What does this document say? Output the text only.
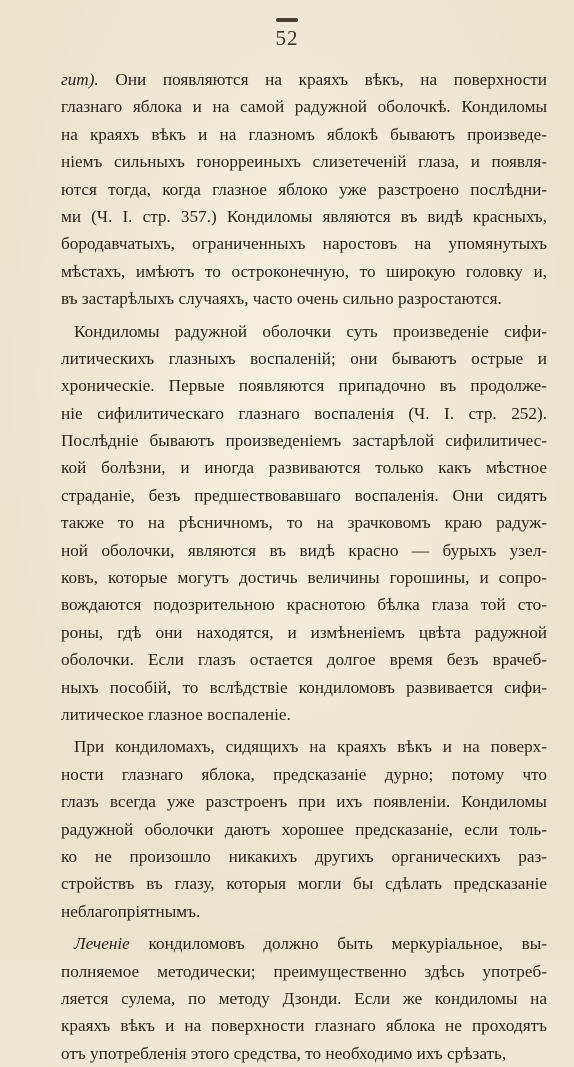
52
гит). Они появляются на краяхъ вѣкъ, на поверхности
глазнаго яблока и на самой радужной оболочкѣ. Кондиломы
на краяхъ вѣкъ и на глазномъ яблокѣ бываютъ произведе-
ніемъ сильныхъ гонорреиныхъ слизетеченій глаза, и появля-
ются тогда, когда глазное яблоко уже разстроено послѣдни-
ми (Ч. I. стр. 357.) Кондиломы являются въ видѣ красныхъ,
бородавчатыхъ, ограниченныхъ наростовъ на упомянутыхъ
мѣстахъ, имѣютъ то остроконечную, то широкую головку и,
въ застарѣлыхъ случаяхъ, часто очень сильно разростаются.
Кондиломы радужной оболочки суть произведеніе сифи-
литическихъ глазныхъ воспаленій; они бываютъ острые и
хроническіе. Первые появляются припадочно въ продолже-
ніе сифилитическаго глазнаго воспаленія (Ч. I. стр. 252).
Послѣдніе бываютъ произведеніемъ застарѣлой сифилитичес-
кой болѣзни, и иногда развиваются только какъ мѣстное
страданіе, безъ предшествовавшаго воспаленія. Они сидятъ
также то на рѣсничномъ, то на зрачковомъ краю радуж-
ной оболочки, являются въ видѣ красно — бурыхъ узел-
ковъ, которые могутъ достичь величины горошины, и сопро-
вождаются подозрительною краснотою бѣлка глаза той сто-
роны, гдѣ они находятся, и измѣненіемъ цвѣта радужной
оболочки. Если глазъ остается долгое время безъ врачеб-
ныхъ пособій, то вслѣдствіе кондиломовъ развивается сифи-
литическое глазное воспаленіе.
При кондиломахъ, сидящихъ на краяхъ вѣкъ и на поверх-
ности глазнаго яблока, предсказаніе дурно; потому что
глазъ всегда уже разстроенъ при ихъ появленіи. Кондиломы
радужной оболочки даютъ хорошее предсказаніе, если толь-
ко не произошло никакихъ другихъ органическихъ раз-
стройствъ въ глазу, которыя могли бы сдѣлать предсказаніе
неблагопріятнымъ.
Леченіе кондиломовъ должно быть меркуріальное, вы-
полняемое методически; преимущественно здѣсь употреб-
ляется сулема, по методу Дзонди. Если же кондиломы на
краяхъ вѣкъ и на поверхности глазнаго яблока не проходятъ
отъ употребленія этого средства, то необходимо ихъ срѣзать,
